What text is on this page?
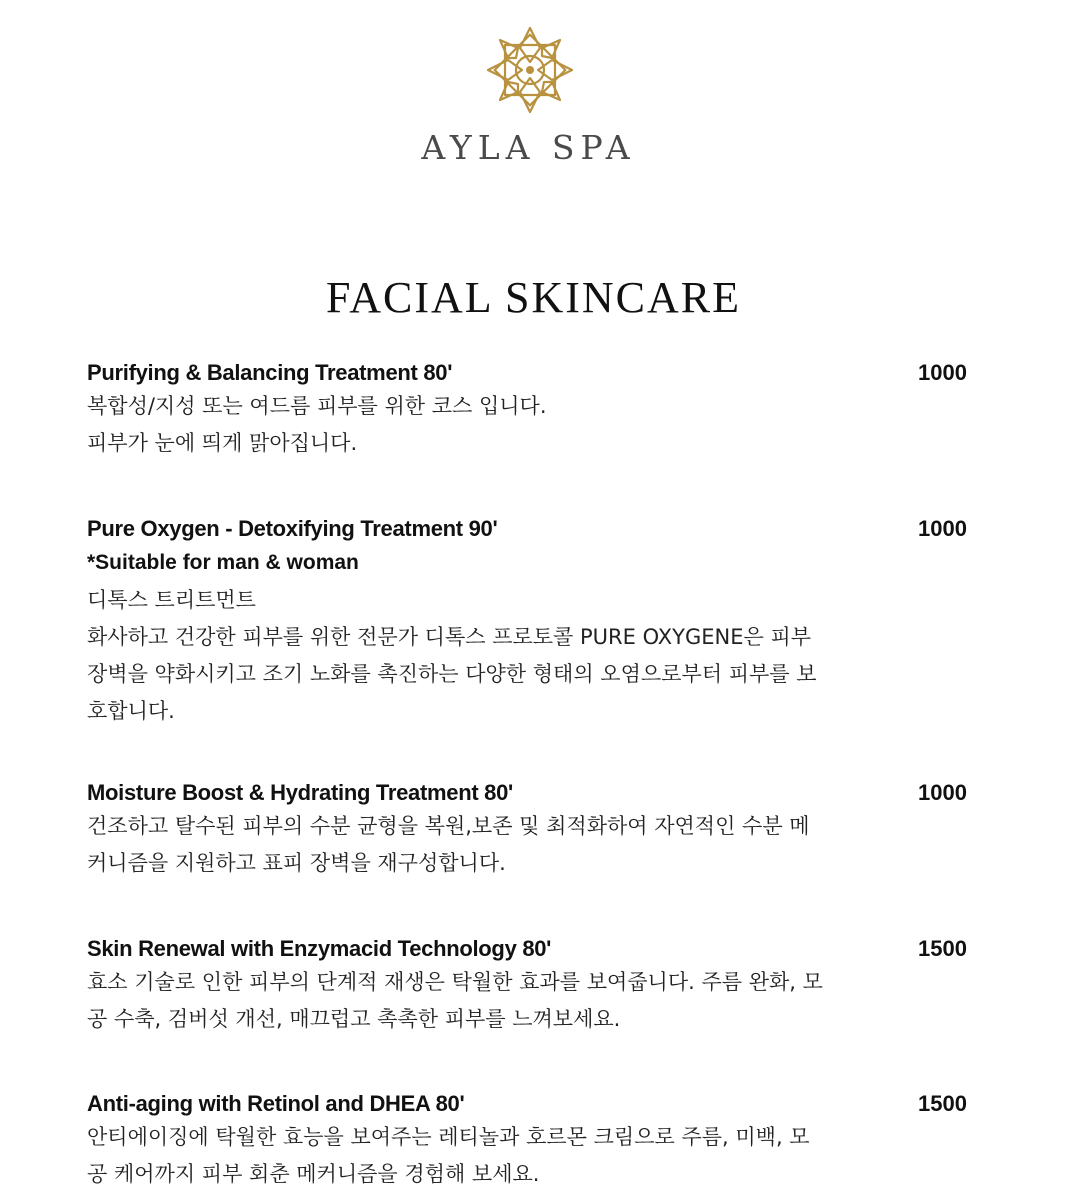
AYLA SPA
FACIAL SKINCARE
Purifying & Balancing Treatment 80'	1000
복합성/지성 또는 여드름 피부를 위한 코스 입니다.
피부가 눈에 띄게 맑아집니다.
Pure Oxygen - Detoxifying Treatment 90'	1000
*Suitable for man & woman
디톡스 트리트먼트
화사하고 건강한 피부를 위한 전문가 디톡스 프로토콜 PURE OXYGENE은 피부
장벽을 약화시키고 조기 노화를 촉진하는 다양한 형태의 오염으로부터 피부를 보
호합니다.
Moisture Boost & Hydrating Treatment 80'	1000
건조하고 탈수된 피부의 수분 균형을 복원,보존 및 최적화하여 자연적인 수분 메
커니즘을 지원하고 표피 장벽을 재구성합니다.
Skin Renewal with Enzymacid Technology 80'	1500
효소 기술로 인한 피부의 단계적 재생은 탁월한 효과를 보여줍니다. 주름 완화, 모
공 수축, 검버섯 개선, 매끄럽고 촉촉한 피부를 느껴보세요.
Anti-aging with Retinol and DHEA 80'	1500
안티에이징에 탁월한 효능을 보여주는 레티놀과 호르몬 크림으로 주름, 미백, 모
공 케어까지 피부 회춘 메커니즘을 경험해 보세요.
